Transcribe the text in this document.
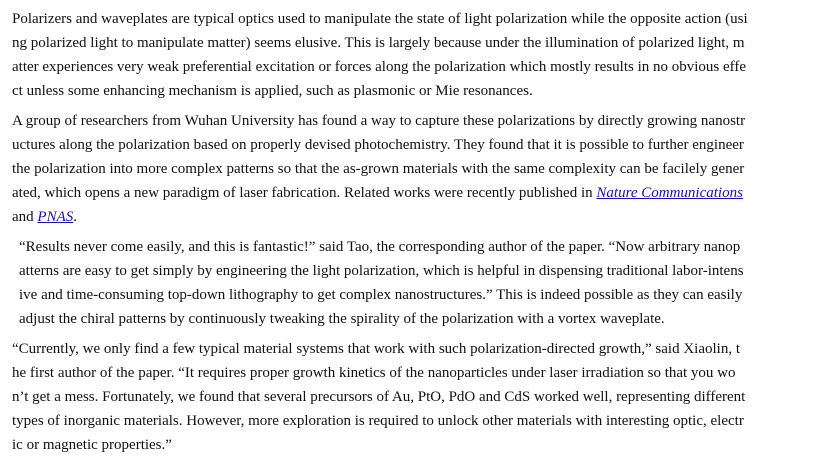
Polarizers and waveplates are typical optics used to manipulate the state of light polarization while the opposite action (usi
ng polarized light to manipulate matter) seems elusive. This is largely because under the illumination of polarized light, m
atter experiences very weak preferential excitation or forces along the polarization which mostly results in no obvious effe
ct unless some enhancing mechanism is applied, such as plasmonic or Mie resonances.
A group of researchers from Wuhan University has found a way to capture these polarizations by directly growing nanostr
uctures along the polarization based on properly devised photochemistry. They found that it is possible to further engineer
the polarization into more complex patterns so that the as-grown materials with the same complexity can be facilely gener
ated, which opens a new paradigm of laser fabrication. Related works were recently published in Nature Communications
and PNAS.
“Results never come easily, and this is fantastic!” said Tao, the corresponding author of the paper. “Now arbitrary nanop
atterns are easy to get simply by engineering the light polarization, which is helpful in dispensing traditional labor-intens
ive and time-consuming top-down lithography to get complex nanostructures.” This is indeed possible as they can easily
adjust the chiral patterns by continuously tweaking the spirality of the polarization with a vortex waveplate.
“Currently, we only find a few typical material systems that work with such polarization-directed growth,” said Xiaolin, t
he first author of the paper. “It requires proper growth kinetics of the nanoparticles under laser irradiation so that you wo
n’t get a mess. Fortunately, we found that several precursors of Au, PtO, PdO and CdS worked well, representing different
types of inorganic materials. However, more exploration is required to unlock other materials with interesting optic, electr
ic or magnetic properties.”
